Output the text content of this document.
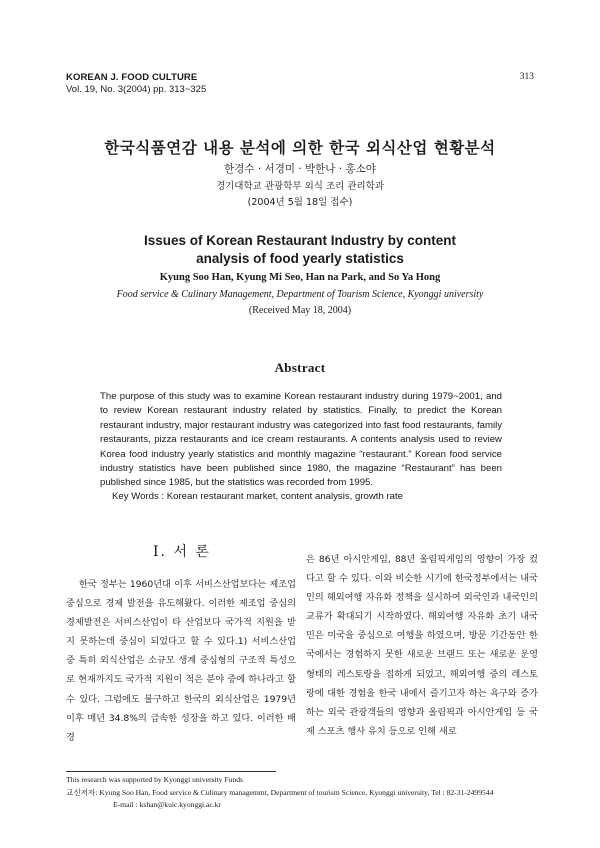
KOREAN J. FOOD CULTURE
Vol. 19, No. 3(2004) pp. 313~325
313
한국식품연감 내용 분석에 의한 한국 외식산업 현황분석
한경수 · 서경미 · 박한나 · 홍소야
경기대학교 관광학부 외식 조리 관리학과
(2004년 5월 18일 접수)
Issues of Korean Restaurant Industry by content
analysis of food yearly statistics
Kyung Soo Han, Kyung Mi Seo, Han na Park, and So Ya Hong
Food service & Culinary Management, Department of Tourism Science, Kyonggi university
(Received May 18, 2004)
Abstract
The purpose of this study was to examine Korean restaurant industry during 1979~2001, and to review Korean restaurant industry related by statistics. Finally, to predict the Korean restaurant industry, major restaurant industry was categorized into fast food restaurants, family restaurants, pizza restaurants and ice cream restaurants. A contents analysis used to review Korea food industry yearly statistics and monthly magazine “restaurant.” Korean food service industry statistics have been published since 1980, the magazine “Restaurant” has been published since 1985, but the statistics was recorded from 1995.
Key Words : Korean restaurant market, content analysis, growth rate
I. 서 론
한국 정부는 1960년대 이후 서비스산업보다는 제조업 중심으로 경제 발전을 유도해왔다. 이러한 제조업 중심의 경제발전은 서비스산업이 타 산업보다 국가적 지원을 받지 못하는데 중심이 되었다고 할 수 있다.1) 서비스산업 중 특히 외식산업은 소규모 생계 중심형의 구조적 특성으로 현재까지도 국가적 지원이 적은 분야 중에 하나라고 할 수 있다. 그럼에도 불구하고 한국의 외식산업은 1979년 이후 매년 34.8%의 급속한 성장을 하고 있다. 이러한 배경
은 86년 아시안게임, 88년 올림픽게임의 영향이 가장 컸다고 할 수 있다. 이와 비슷한 시기에 한국정부에서는 내국인의 해외여행 자유화 정책을 실시하여 외국인과 내국인의 교류가 확대되기 시작하였다. 해외여행 자유화 초기 내국민은 미국을 중심으로 여행을 하였으며, 방문 기간동안 한국에서는 경험하지 못한 새로운 브랜드 또는 새로운 운영 형태의 레스토랑을 접하게 되었고, 해외여행 중의 레스토랑에 대한 경험을 한국 내에서 즐기고자 하는 욕구와 증가하는 외국 관광객들의 영향과 올림픽과 아시안게임 등 국제 스포츠 행사 유치 등으로 인해 새로
This research was supported by Kyonggi university Funds
교신저자: Kyung Soo Han, Food service & Culinary managemmt, Department of tourism Science, Kyonggi university, Tel : 82-31-2499544
E-mail : kshan@kuic.kyonggi.ac.kr
